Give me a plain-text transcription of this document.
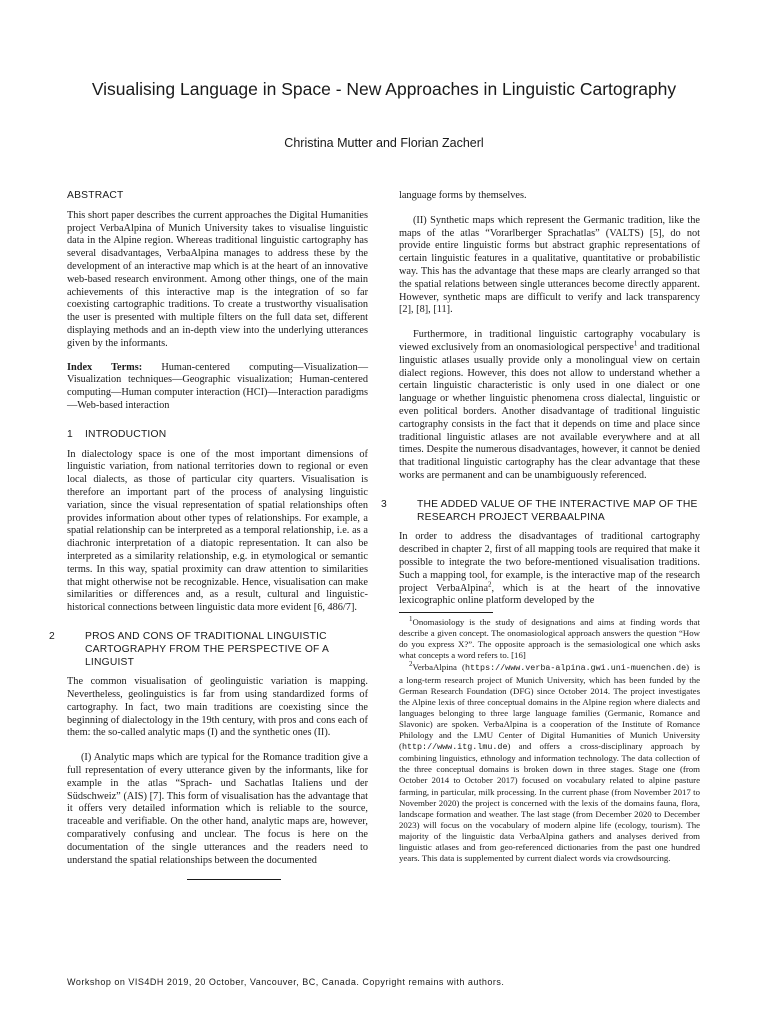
Visualising Language in Space - New Approaches in Linguistic Cartography
Christina Mutter and Florian Zacherl
ABSTRACT

This short paper describes the current approaches the Digital Humanities project VerbaAlpina of Munich University takes to visualise linguistic data in the Alpine region. Whereas traditional linguistic cartography has several disadvantages, VerbaAlpina manages to address these by the development of an interactive map which is at the heart of an innovative web-based research environment. Among other things, one of the main achievements of this interactive map is the integration of so far coexisting cartographic traditions. To create a trustworthy visualisation the user is presented with multiple filters on the full data set, different displaying methods and an in-depth view into the underlying utterances given by the informants.

Index Terms: Human-centered computing—Visualization—Visualization techniques—Geographic visualization; Human-centered computing—Human computer interaction (HCI)—Interaction paradigms—Web-based interaction

1 INTRODUCTION

In dialectology space is one of the most important dimensions of linguistic variation, from national territories down to regional or even local dialects, as those of particular city quarters. Visualisation is therefore an important part of the process of analysing linguistic variation, since the visual representation of spatial relationships often provides information about other types of relationships. For example, a spatial relationship can be interpreted as a temporal relationship, i.e. as a diachronic interpretation of a diatopic representation. It can also be interpreted as a similarity relationship, e.g. in etymological or semantic terms. In this way, spatial proximity can draw attention to similarities that might otherwise not be recognizable. Hence, visualisation can make similarities or differences and, as a result, cultural and linguistic-historical connections between linguistic data more evident [6, 486/7].

2	PROS AND CONS OF TRADITIONAL LINGUISTIC CARTOGRAPHY FROM THE PERSPECTIVE OF A LINGUIST

The common visualisation of geolinguistic variation is mapping. Nevertheless, geolinguistics is far from using standardized forms of cartography. In fact, two main traditions are coexisting since the beginning of dialectology in the 19th century, with pros and cons each of them: the so-called analytic maps (I) and the synthetic ones (II).

(I) Analytic maps which are typical for the Romance tradition give a full representation of every utterance given by the informants, like for example in the atlas “Sprach- und Sachatlas Italiens und der Südschweiz” (AIS) [7]. This form of visualisation has the advantage that it offers very detailed information which is reliable to the source, traceable and verifiable. On the other hand, analytic maps are, however, comparatively confusing and unclear. The focus is here on the documentation of the single utterances and the readers need to understand the spatial relationships between the documented

language forms by themselves.

(II) Synthetic maps which represent the Germanic tradition, like the maps of the atlas “Vorarlberger Sprachatlas” (VALTS) [5], do not provide entire linguistic forms but abstract graphic representations of certain linguistic features in a qualitative, quantitative or probabilistic way. This has the advantage that these maps are clearly arranged so that the spatial relations between single utterances become directly apparent. However, synthetic maps are difficult to verify and lack transparency [2], [8], [11].

Furthermore, in traditional linguistic cartography vocabulary is viewed exclusively from an onomasiological perspective$^1$ and traditional linguistic atlases usually provide only a monolingual view on certain dialect regions. However, this does not allow to understand whether a certain linguistic characteristic is only used in one dialect or one language or whether linguistic phenomena cross dialectal, linguistic or even political borders. Another disadvantage of traditional linguistic cartography consists in the fact that it depends on time and place since traditional linguistic atlases are not available everywhere and at all times. Despite the numerous disadvantages, however, it cannot be denied that traditional linguistic cartography has the clear advantage that these works are permanent and can be unambiguously referenced.

3	THE ADDED VALUE OF THE INTERACTIVE MAP OF THE RESEARCH PROJECT VERBAALPINA

In order to address the disadvantages of traditional cartography described in chapter 2, first of all mapping tools are required that make it possible to integrate the two before-mentioned visualisation traditions. Such a mapping tool, for example, is the interactive map of the research project VerbaAlpina$^2$, which is at the heart of the innovative lexicographic online platform developed by the

$^1$Onomasiology is the study of designations and aims at finding words that describe a given concept. The onomasiological approach answers the question “How do you express X?”. The opposite approach is the semasiological one which asks what concepts a word refers to. [16]

$^2$VerbaAlpina (https://www.verba-alpina.gwi.uni-muenchen.de) is a long-term research project of Munich University, which has been funded by the German Research Foundation (DFG) since October 2014. The project investigates the Alpine lexis of three conceptual domains in the Alpine region where dialects and languages belonging to three large language families (Germanic, Romance and Slavonic) are spoken. VerbaAlpina is a cooperation of the Institute of Romance Philology and the LMU Center of Digital Humanities of Munich University (http://www.itg.lmu.de) and offers a cross-disciplinary approach by combining linguistics, ethnology and information technology. The data collection of the three conceptual domains is broken down in three stages. Stage one (from October 2014 to October 2017) focused on vocabulary related to alpine pasture farming, in particular, milk processing. In the current phase (from November 2017 to November 2020) the project is concerned with the lexis of the domains fauna, flora, landscape formation and weather. The last stage (from December 2020 to December 2023) will focus on the vocabulary of modern alpine life (ecology, tourism). The majority of the linguistic data VerbaAlpina gathers and analyses derived from linguistic atlases and from geo-referenced dictionaries from the past one hundred years. This data is supplemented by current dialect words via crowdsourcing.

Workshop on VIS4DH 2019, 20 October, Vancouver, BC, Canada. Copyright remains with authors.
